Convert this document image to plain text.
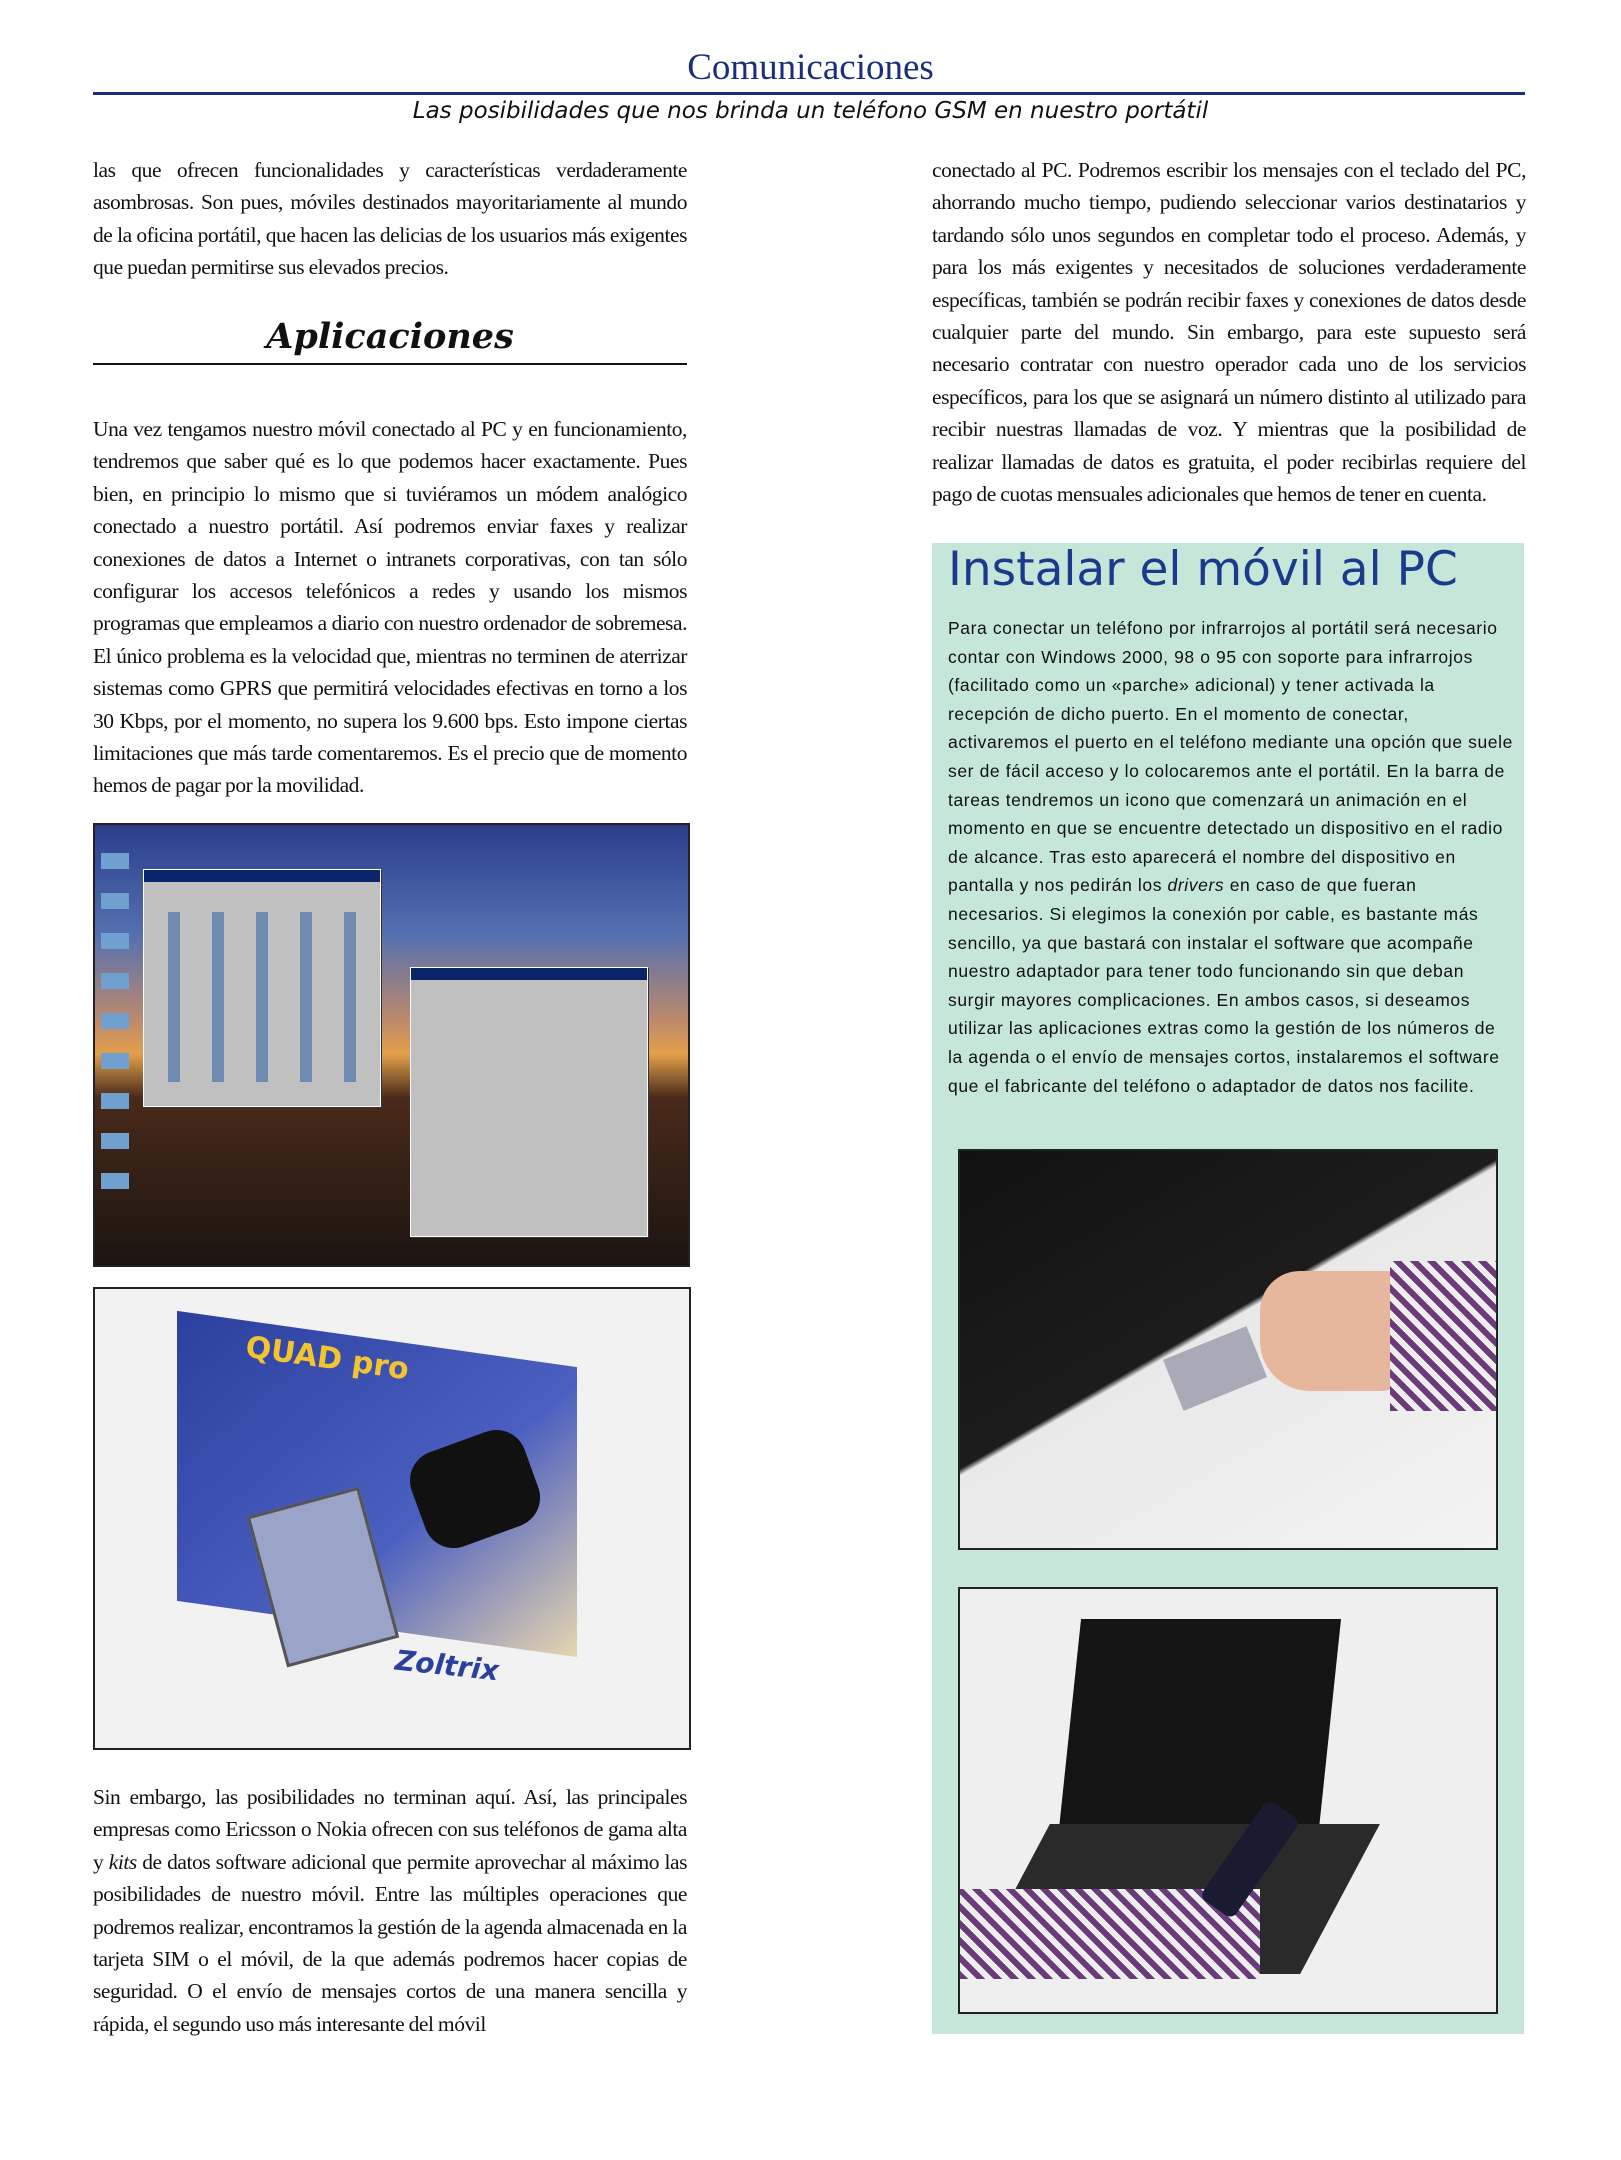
Comunicaciones
Las posibilidades que nos brinda un teléfono GSM en nuestro portátil
las que ofrecen funcionalidades y características verdaderamente asombrosas. Son pues, móviles destinados mayoritariamente al mundo de la oficina portátil, que hacen las delicias de los usuarios más exigentes que puedan permitirse sus elevados precios.
Aplicaciones
Una vez tengamos nuestro móvil conectado al PC y en funcionamiento, tendremos que saber qué es lo que podemos hacer exactamente. Pues bien, en principio lo mismo que si tuviéramos un módem analógico conectado a nuestro portátil. Así podremos enviar faxes y realizar conexiones de datos a Internet o intranets corporativas, con tan sólo configurar los accesos telefónicos a redes y usando los mismos programas que empleamos a diario con nuestro ordenador de sobremesa. El único problema es la velocidad que, mientras no terminen de aterrizar sistemas como GPRS que permitirá velocidades efectivas en torno a los 30 Kbps, por el momento, no supera los 9.600 bps. Esto impone ciertas limitaciones que más tarde comentaremos. Es el precio que de momento hemos de pagar por la movilidad.
QUAD pro
Zoltrix
Sin embargo, las posibilidades no terminan aquí. Así, las principales empresas como Ericsson o Nokia ofrecen con sus teléfonos de gama alta y kits de datos software adicional que permite aprovechar al máximo las posibilidades de nuestro móvil. Entre las múltiples operaciones que podremos realizar, encontramos la gestión de la agenda almacenada en la tarjeta SIM o el móvil, de la que además podremos hacer copias de seguridad. O el envío de mensajes cortos de una manera sencilla y rápida, el segundo uso más interesante del móvil
conectado al PC. Podremos escribir los mensajes con el teclado del PC, ahorrando mucho tiempo, pudiendo seleccionar varios destinatarios y tardando sólo unos segundos en completar todo el proceso. Además, y para los más exigentes y necesitados de soluciones verdaderamente específicas, también se podrán recibir faxes y conexiones de datos desde cualquier parte del mundo. Sin embargo, para este supuesto será necesario contratar con nuestro operador cada uno de los servicios específicos, para los que se asignará un número distinto al utilizado para recibir nuestras llamadas de voz. Y mientras que la posibilidad de realizar llamadas de datos es gratuita, el poder recibirlas requiere del pago de cuotas mensuales adicionales que hemos de tener en cuenta.
Instalar el móvil al PC
Para conectar un teléfono por infrarrojos al portátil será necesario contar con Windows 2000, 98 o 95 con soporte para infrarrojos (facilitado como un «parche» adicional) y tener activada la recepción de dicho puerto. En el momento de conectar, activaremos el puerto en el teléfono mediante una opción que suele ser de fácil acceso y lo colocaremos ante el portátil. En la barra de tareas tendremos un icono que comenzará un animación en el momento en que se encuentre detectado un dispositivo en el radio de alcance. Tras esto aparecerá el nombre del dispositivo en pantalla y nos pedirán los drivers en caso de que fueran necesarios. Si elegimos la conexión por cable, es bastante más sencillo, ya que bastará con instalar el software que acompañe nuestro adaptador para tener todo funcionando sin que deban surgir mayores complicaciones. En ambos casos, si deseamos utilizar las aplicaciones extras como la gestión de los números de la agenda o el envío de mensajes cortos, instalaremos el software que el fabricante del teléfono o adaptador de datos nos facilite.
